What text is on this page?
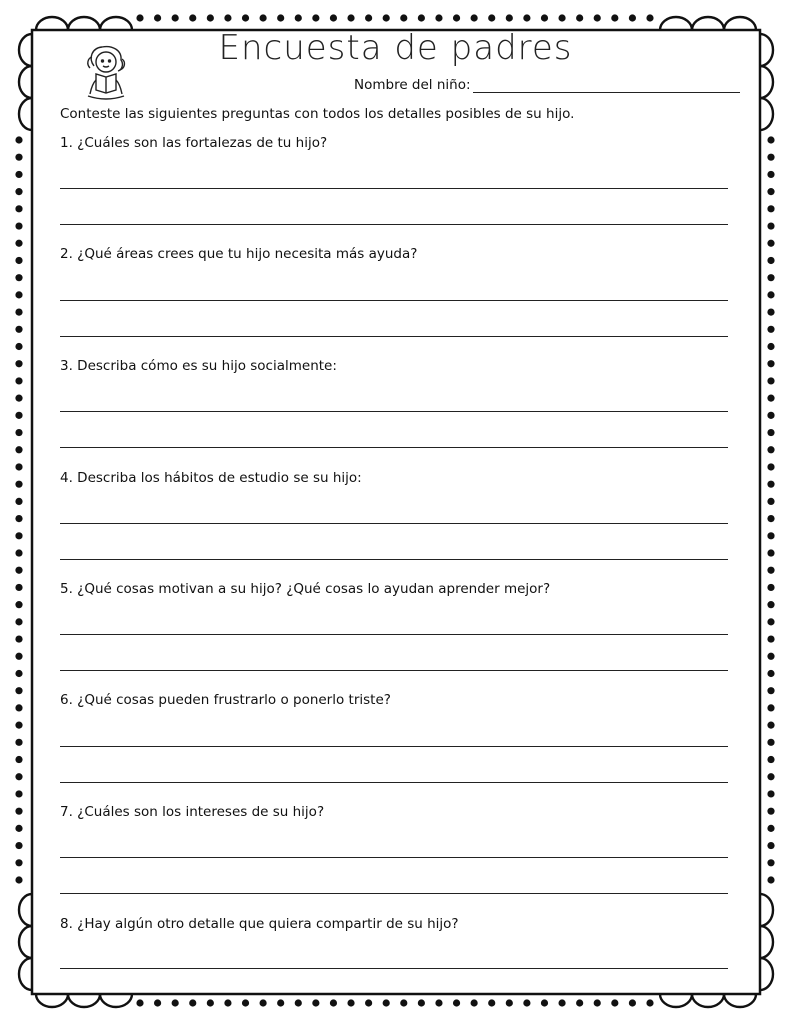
Encuesta de padres
Nombre del niño:
Conteste las siguientes preguntas con todos los detalles posibles de su hijo.
1. ¿Cuáles son las fortalezas de tu hijo?
2. ¿Qué áreas crees que tu hijo necesita más ayuda?
3. Describa cómo es su hijo socialmente:
4. Describa los hábitos de estudio se su hijo:
5. ¿Qué cosas motivan a su hijo? ¿Qué cosas lo ayudan aprender mejor?
6. ¿Qué cosas pueden frustrarlo o ponerlo triste?
7. ¿Cuáles son los intereses de su hijo?
8. ¿Hay algún otro detalle que quiera compartir de su hijo?
